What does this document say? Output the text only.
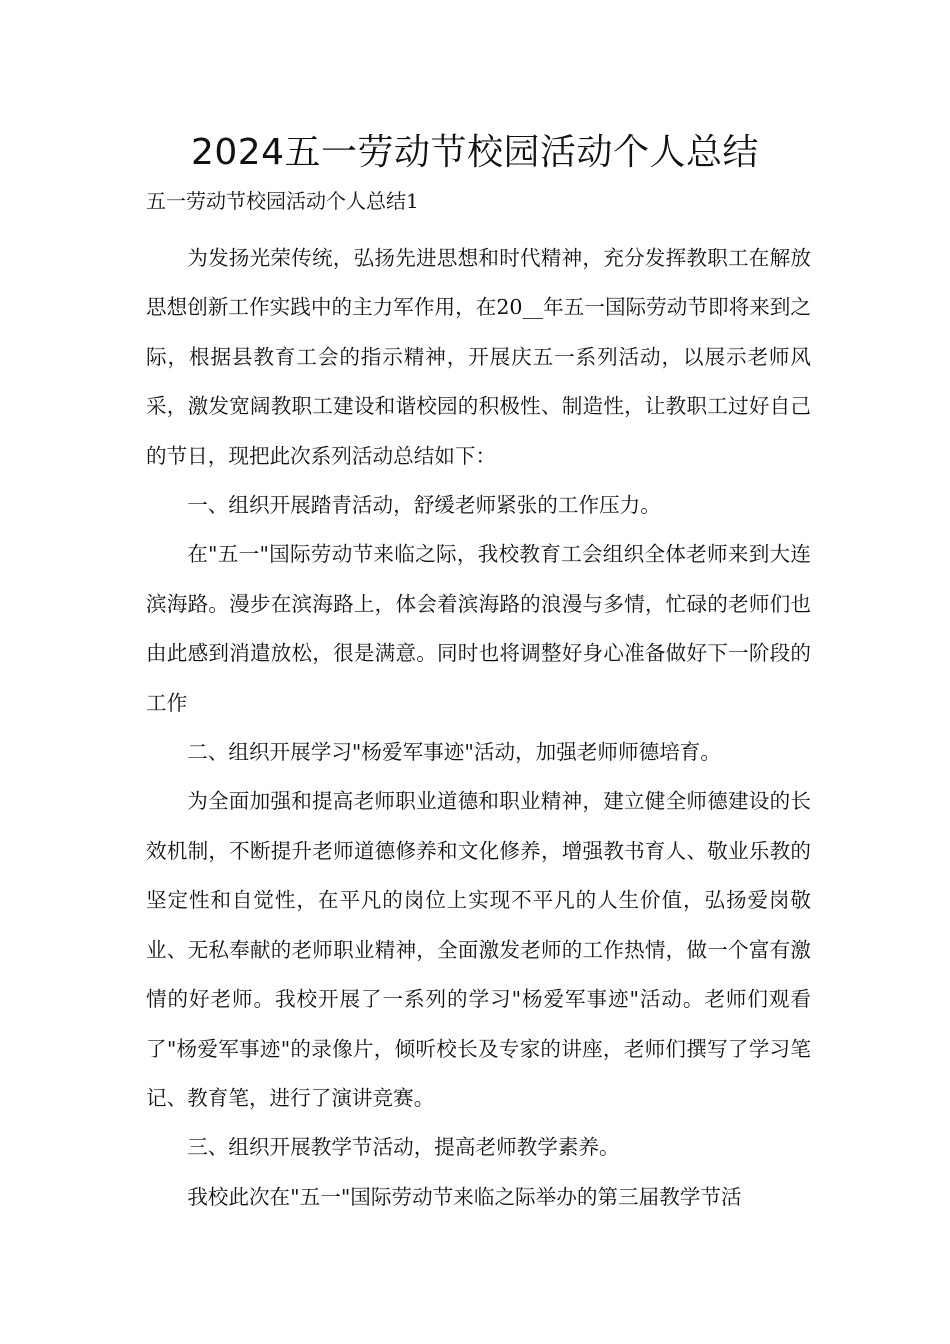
2024五一劳动节校园活动个人总结

五一劳动节校园活动个人总结1

为发扬光荣传统，弘扬先进思想和时代精神，充分发挥教职工在解放思想创新工作实践中的主力军作用，在20__年五一国际劳动节即将来到之际，根据县教育工会的指示精神，开展庆五一系列活动，以展示老师风采，激发宽阔教职工建设和谐校园的积极性、制造性，让教职工过好自己的节日，现把此次系列活动总结如下：

一、组织开展踏青活动，舒缓老师紧张的工作压力。

在"五一"国际劳动节来临之际，我校教育工会组织全体老师来到大连滨海路。漫步在滨海路上，体会着滨海路的浪漫与多情，忙碌的老师们也由此感到消遣放松，很是满意。同时也将调整好身心准备做好下一阶段的工作

二、组织开展学习"杨爱军事迹"活动，加强老师师德培育。

为全面加强和提高老师职业道德和职业精神，建立健全师德建设的长效机制，不断提升老师道德修养和文化修养，增强教书育人、敬业乐教的坚定性和自觉性，在平凡的岗位上实现不平凡的人生价值，弘扬爱岗敬业、无私奉献的老师职业精神，全面激发老师的工作热情，做一个富有激情的好老师。我校开展了一系列的学习"杨爱军事迹"活动。老师们观看了"杨爱军事迹"的录像片，倾听校长及专家的讲座，老师们撰写了学习笔记、教育笔，进行了演讲竞赛。

三、组织开展教学节活动，提高老师教学素养。

我校此次在"五一"国际劳动节来临之际举办的第三届教学节活
